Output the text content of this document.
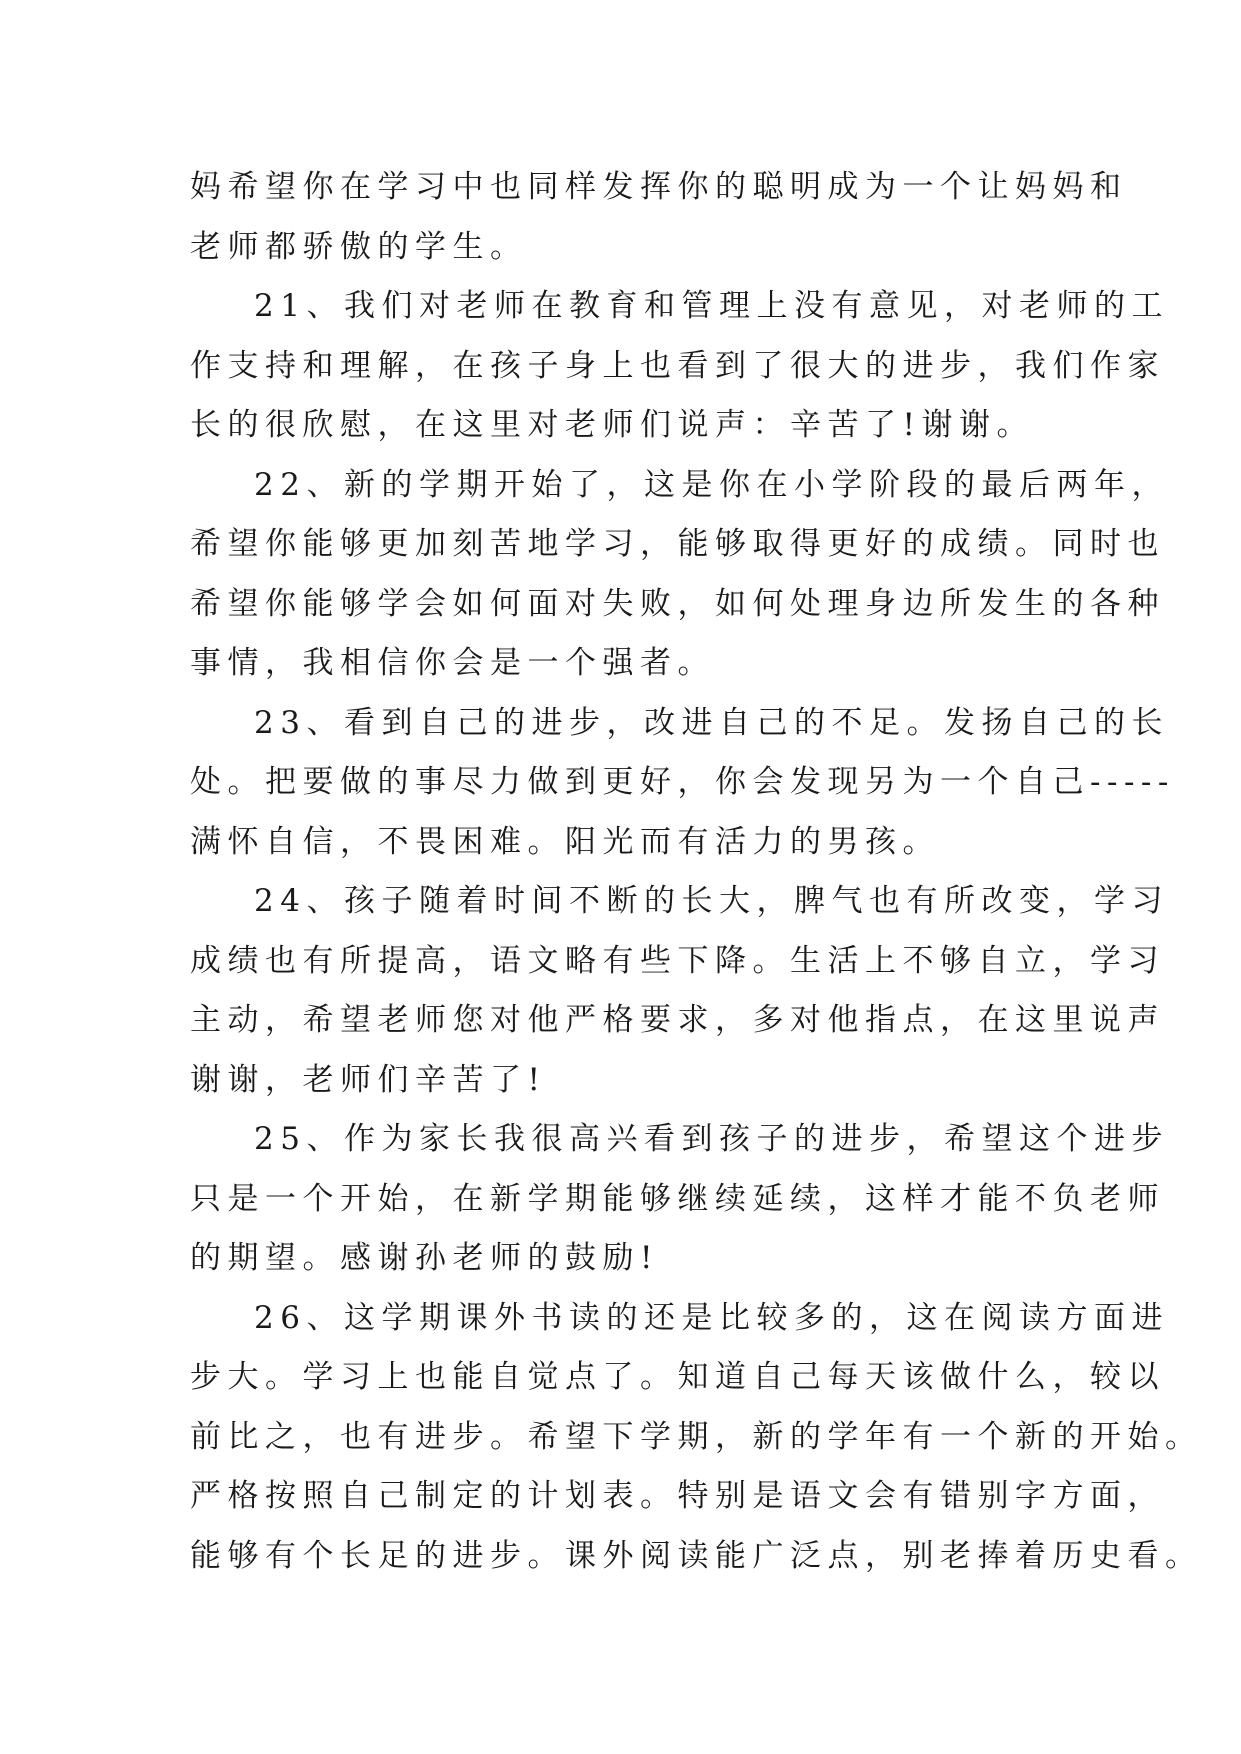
妈希望你在学习中也同样发挥你的聪明成为一个让妈妈和
老师都骄傲的学生。
21、我们对老师在教育和管理上没有意见，对老师的工
作支持和理解，在孩子身上也看到了很大的进步，我们作家
长的很欣慰，在这里对老师们说声：辛苦了!谢谢。
22、新的学期开始了，这是你在小学阶段的最后两年，
希望你能够更加刻苦地学习，能够取得更好的成绩。同时也
希望你能够学会如何面对失败，如何处理身边所发生的各种
事情，我相信你会是一个强者。
23、看到自己的进步，改进自己的不足。发扬自己的长
处。把要做的事尽力做到更好，你会发现另为一个自己-----
满怀自信，不畏困难。阳光而有活力的男孩。
24、孩子随着时间不断的长大，脾气也有所改变，学习
成绩也有所提高，语文略有些下降。生活上不够自立，学习
主动，希望老师您对他严格要求，多对他指点，在这里说声
谢谢，老师们辛苦了!
25、作为家长我很高兴看到孩子的进步，希望这个进步
只是一个开始，在新学期能够继续延续，这样才能不负老师
的期望。感谢孙老师的鼓励!
26、这学期课外书读的还是比较多的，这在阅读方面进
步大。学习上也能自觉点了。知道自己每天该做什么，较以
前比之，也有进步。希望下学期，新的学年有一个新的开始。
严格按照自己制定的计划表。特别是语文会有错别字方面，
能够有个长足的进步。课外阅读能广泛点，别老捧着历史看。
